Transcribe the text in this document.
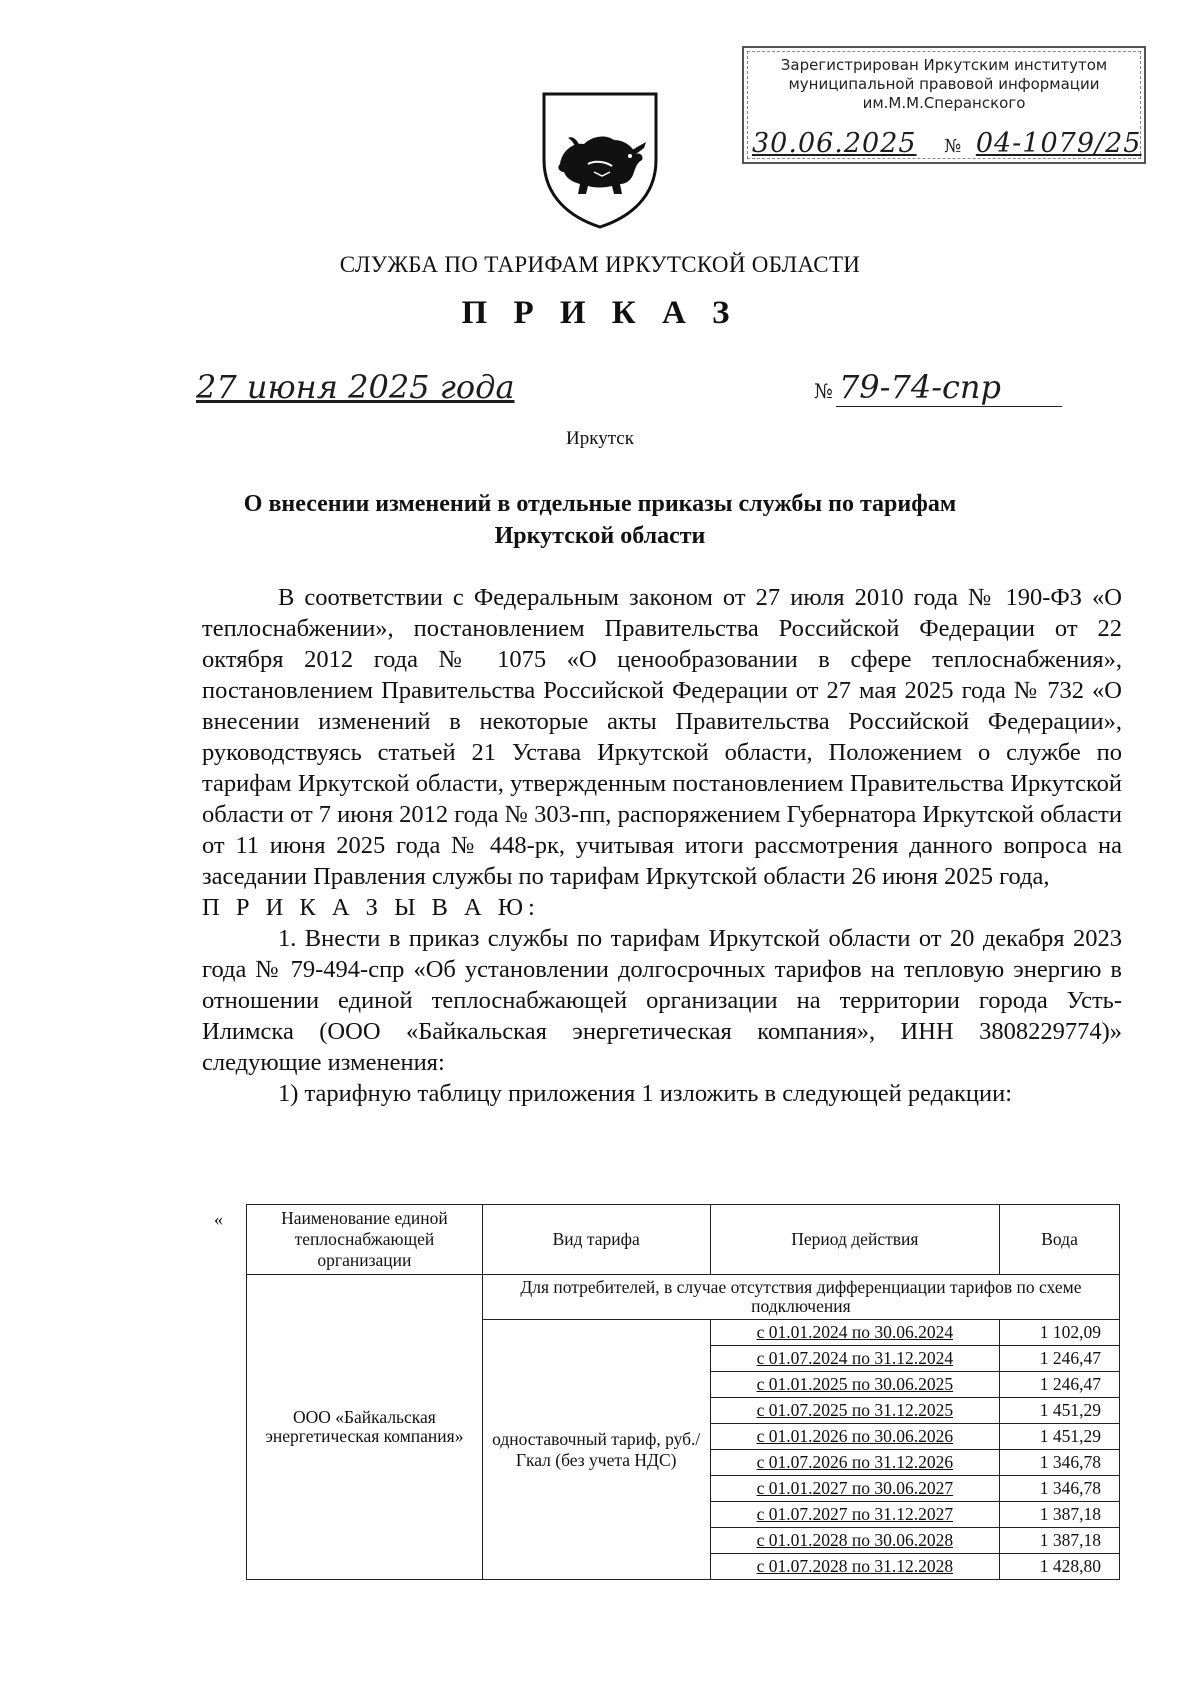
Зарегистрирован Иркутским институтом
муниципальной правовой информации
им.М.М.Сперанского
30.06.2025 № 04-1079/25
СЛУЖБА ПО ТАРИФАМ ИРКУТСКОЙ ОБЛАСТИ
П Р И К А З
27 июня 2025 года	№ 79-74-спр
Иркутск
О внесении изменений в отдельные приказы службы по тарифам
Иркутской области

В соответствии с Федеральным законом от 27 июля 2010 года № 190-ФЗ «О теплоснабжении», постановлением Правительства Российской Федерации от 22 октября 2012 года № 1075 «О ценообразовании в сфере теплоснабжения», постановлением Правительства Российской Федерации от 27 мая 2025 года № 732 «О внесении изменений в некоторые акты Правительства Российской Федерации», руководствуясь статьей 21 Устава Иркутской области, Положением о службе по тарифам Иркутской области, утвержденным постановлением Правительства Иркутской области от 7 июня 2012 года № 303-пп, распоряжением Губернатора Иркутской области от 11 июня 2025 года № 448-рк, учитывая итоги рассмотрения данного вопроса на заседании Правления службы по тарифам Иркутской области 26 июня 2025 года,

П Р И К А З Ы В А Ю:

1. Внести в приказ службы по тарифам Иркутской области от 20 декабря 2023 года № 79-494-спр «Об установлении долгосрочных тарифов на тепловую энергию в отношении единой теплоснабжающей организации на территории города Усть-Илимска (ООО «Байкальская энергетическая компания», ИНН 3808229774)» следующие изменения:

1) тарифную таблицу приложения 1 изложить в следующей редакции:

«	Наименование единой теплоснабжающей организации	Вид тарифа	Период действия	Вода
ООО «Байкальская энергетическая компания»	Для потребителей, в случае отсутствия дифференциации тарифов по схеме подключения		
	одноставочный тариф, руб./Гкал (без учета НДС)	с 01.01.2024 по 30.06.2024	1 102,09
		с 01.07.2024 по 31.12.2024	1 246,47
		с 01.01.2025 по 30.06.2025	1 246,47
		с 01.07.2025 по 31.12.2025	1 451,29
		с 01.01.2026 по 30.06.2026	1 451,29
		с 01.07.2026 по 31.12.2026	1 346,78
		с 01.01.2027 по 30.06.2027	1 346,78
		с 01.07.2027 по 31.12.2027	1 387,18
		с 01.01.2028 по 30.06.2028	1 387,18
		с 01.07.2028 по 31.12.2028	1 428,80
